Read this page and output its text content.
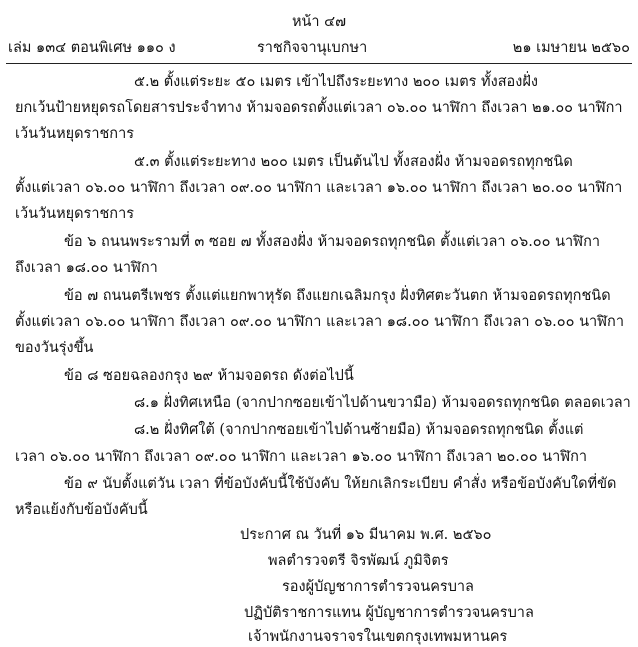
หน้า ๔๗
เล่ม ๑๓๔ ตอนพิเศษ ๑๑๐ ง	ราชกิจจานุเบกษา	๒๑ เมษายน ๒๕๖๐
๕.๒ ตั้งแต่ระยะ ๕๐ เมตร เข้าไปถึงระยะทาง ๒๐๐ เมตร ทั้งสองฝั่ง
ยกเว้นป้ายหยุดรถโดยสารประจำทาง ห้ามจอดรถตั้งแต่เวลา ๐๖.๐๐ นาฬิกา ถึงเวลา ๒๑.๐๐ นาฬิกา
เว้นวันหยุดราชการ
๕.๓ ตั้งแต่ระยะทาง ๒๐๐ เมตร เป็นต้นไป ทั้งสองฝั่ง ห้ามจอดรถทุกชนิด
ตั้งแต่เวลา ๐๖.๐๐ นาฬิกา ถึงเวลา ๐๙.๐๐ นาฬิกา และเวลา ๑๖.๐๐ นาฬิกา ถึงเวลา ๒๐.๐๐ นาฬิกา
เว้นวันหยุดราชการ
ข้อ ๖ ถนนพระรามที่ ๓ ซอย ๗ ทั้งสองฝั่ง ห้ามจอดรถทุกชนิด ตั้งแต่เวลา ๐๖.๐๐ นาฬิกา
ถึงเวลา ๑๘.๐๐ นาฬิกา
ข้อ ๗ ถนนตรีเพชร ตั้งแต่แยกพาหุรัด ถึงแยกเฉลิมกรุง ฝั่งทิศตะวันตก ห้ามจอดรถทุกชนิด
ตั้งแต่เวลา ๐๖.๐๐ นาฬิกา ถึงเวลา ๐๙.๐๐ นาฬิกา และเวลา ๑๘.๐๐ นาฬิกา ถึงเวลา ๐๖.๐๐ นาฬิกา
ของวันรุ่งขึ้น
ข้อ ๘ ซอยฉลองกรุง ๒๙ ห้ามจอดรถ ดังต่อไปนี้
๘.๑ ฝั่งทิศเหนือ (จากปากซอยเข้าไปด้านขวามือ) ห้ามจอดรถทุกชนิด ตลอดเวลา
๘.๒ ฝั่งทิศใต้ (จากปากซอยเข้าไปด้านซ้ายมือ) ห้ามจอดรถทุกชนิด ตั้งแต่
เวลา ๐๖.๐๐ นาฬิกา ถึงเวลา ๐๙.๐๐ นาฬิกา และเวลา ๑๖.๐๐ นาฬิกา ถึงเวลา ๒๐.๐๐ นาฬิกา
ข้อ ๙ นับตั้งแต่วัน เวลา ที่ข้อบังคับนี้ใช้บังคับ ให้ยกเลิกระเบียบ คำสั่ง หรือข้อบังคับใดที่ขัด
หรือแย้งกับข้อบังคับนี้
ประกาศ ณ วันที่ ๑๖ มีนาคม พ.ศ. ๒๕๖๐
พลตำรวจตรี จิรพัฒน์ ภูมิจิตร
รองผู้บัญชาการตำรวจนครบาล
ปฏิบัติราชการแทน ผู้บัญชาการตำรวจนครบาล
เจ้าพนักงานจราจรในเขตกรุงเทพมหานคร
